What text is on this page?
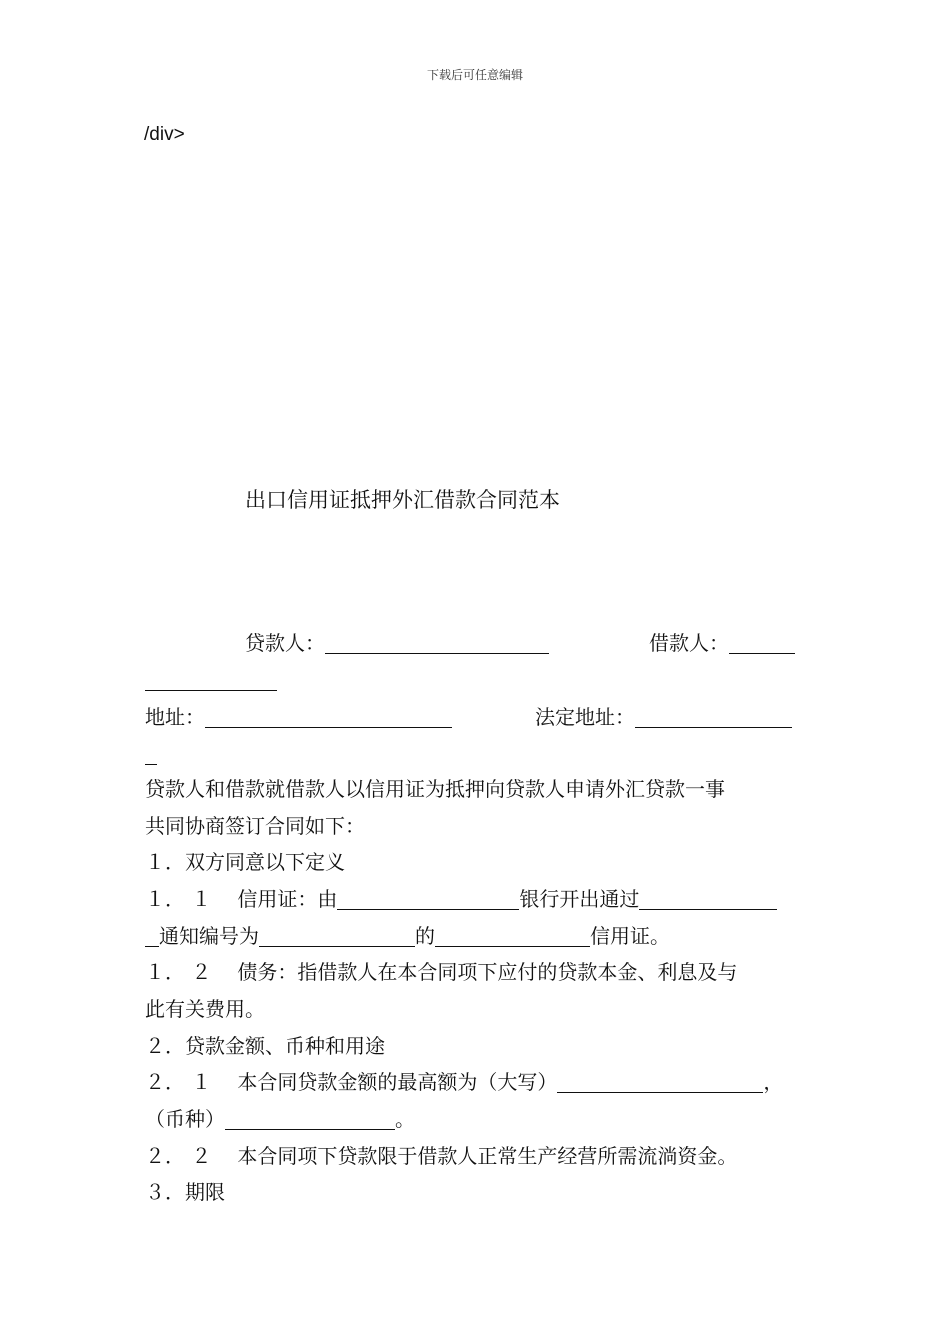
下载后可任意编辑
/div>
出口信用证抵押外汇借款合同范本
贷款人：	借款人：
地址：	法定地址：
贷款人和借款就借款人以信用证为抵押向贷款人申请外汇贷款一事
共同协商签订合同如下：
１．双方同意以下定义
１． １ 信用证：由	银行开出通过
通知编号为	的	信用证。
１． ２ 债务：指借款人在本合同项下应付的贷款本金、利息及与
此有关费用。
２．贷款金额、币种和用途
２． １ 本合同贷款金额的最高额为（大写）	，
（币种）	。
２． ２ 本合同项下贷款限于借款人正常生产经营所需流淌资金。
３．期限
